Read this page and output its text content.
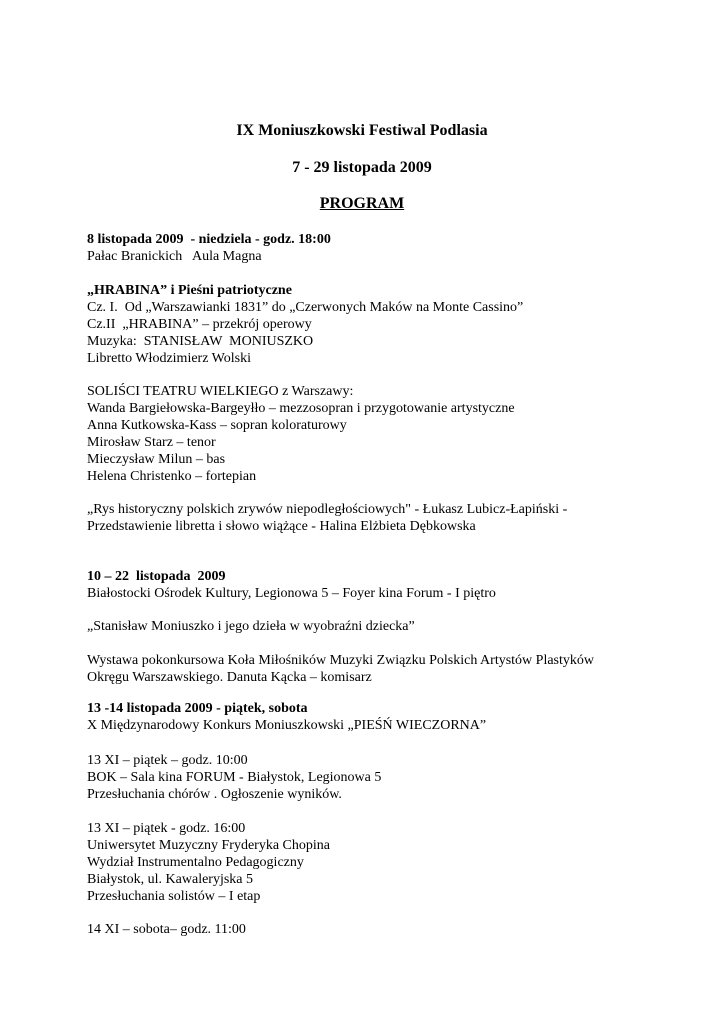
IX Moniuszkowski Festiwal Podlasia
7 - 29 listopada 2009
PROGRAM
8 listopada 2009  - niedziela - godz. 18:00
Pałac Branickich   Aula Magna
„HRABINA” i Pieśni patriotyczne
Cz. I.  Od „Warszawianki 1831” do „Czerwonych Maków na Monte Cassino”
Cz.II  „HRABINA” – przekrój operowy
Muzyka:  STANISŁAW  MONIUSZKO
Libretto Włodzimierz Wolski
SOLIŚCI TEATRU WIELKIEGO z Warszawy:
Wanda Bargiełowska-Bargeyłło – mezzosopran i przygotowanie artystyczne
Anna Kutkowska-Kass – sopran koloraturowy
Mirosław Starz – tenor
Mieczysław Milun – bas
Helena Christenko – fortepian
„Rys historyczny polskich zrywów niepodległościowych" - Łukasz Lubicz-Łapiński -
Przedstawienie libretta i słowo wiążące - Halina Elżbieta Dębkowska
10 – 22  listopada  2009
Białostocki Ośrodek Kultury, Legionowa 5 – Foyer kina Forum - I piętro
„Stanisław Moniuszko i jego dzieła w wyobraźni dziecka”
Wystawa pokonkursowa Koła Miłośników Muzyki Związku Polskich Artystów Plastyków
Okręgu Warszawskiego. Danuta Kącka – komisarz
13 -14 listopada 2009 - piątek, sobota
X Międzynarodowy Konkurs Moniuszkowski „PIEŚŃ WIECZORNA”
13 XI – piątek – godz. 10:00
BOK – Sala kina FORUM - Białystok, Legionowa 5
Przesłuchania chórów . Ogłoszenie wyników.
13 XI – piątek - godz. 16:00
Uniwersytet Muzyczny Fryderyka Chopina
Wydział Instrumentalno Pedagogiczny
Białystok, ul. Kawaleryjska 5
Przesłuchania solistów – I etap
14 XI – sobota– godz. 11:00
